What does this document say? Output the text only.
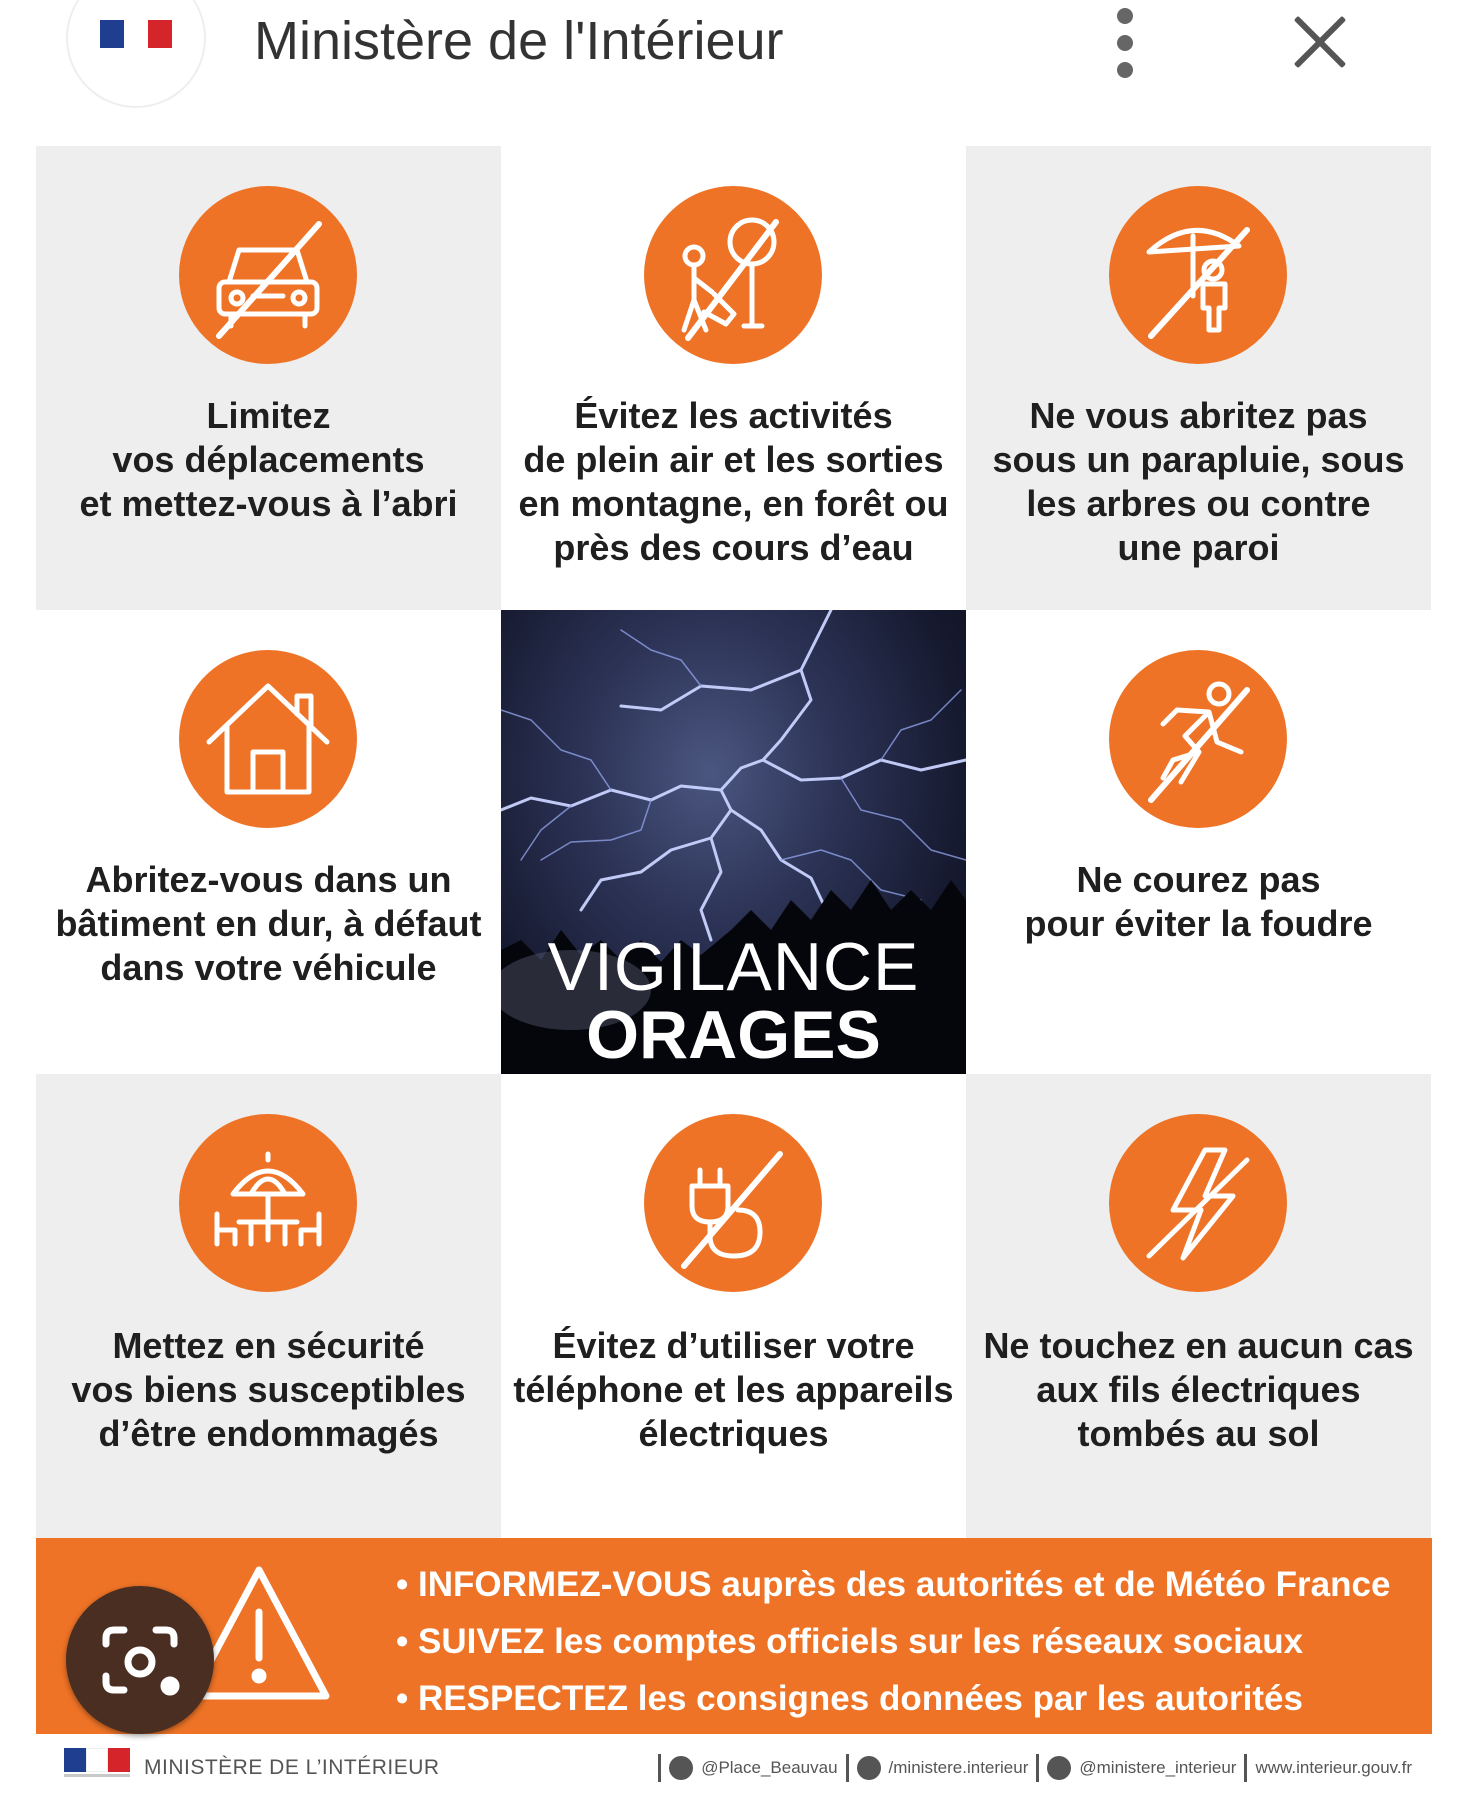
Ministère de l'Intérieur
Limitez
vos déplacements
et mettez-vous à l’abri
Évitez les activités
de plein air et les sorties
en montagne, en forêt ou
près des cours d’eau
Ne vous abritez pas
sous un parapluie, sous
les arbres ou contre
une paroi
Abritez-vous dans un
bâtiment en dur, à défaut
dans votre véhicule	VIGILANCE
ORAGES
Ne courez pas
pour éviter la foudre
Mettez en sécurité
vos biens susceptibles
d’être endommagés
Évitez d’utiliser votre
téléphone et les appareils
électriques
Ne touchez en aucun cas
aux fils électriques
tombés au sol
• INFORMEZ-VOUS auprès des autorités et de Météo France
• SUIVEZ les comptes officiels sur les réseaux sociaux
• RESPECTEZ les consignes données par les autorités
MINISTÈRE DE L’INTÉRIEUR	@Place_Beauvau	/ministere.interieur	@ministere_interieur www.interieur.gouv.fr
